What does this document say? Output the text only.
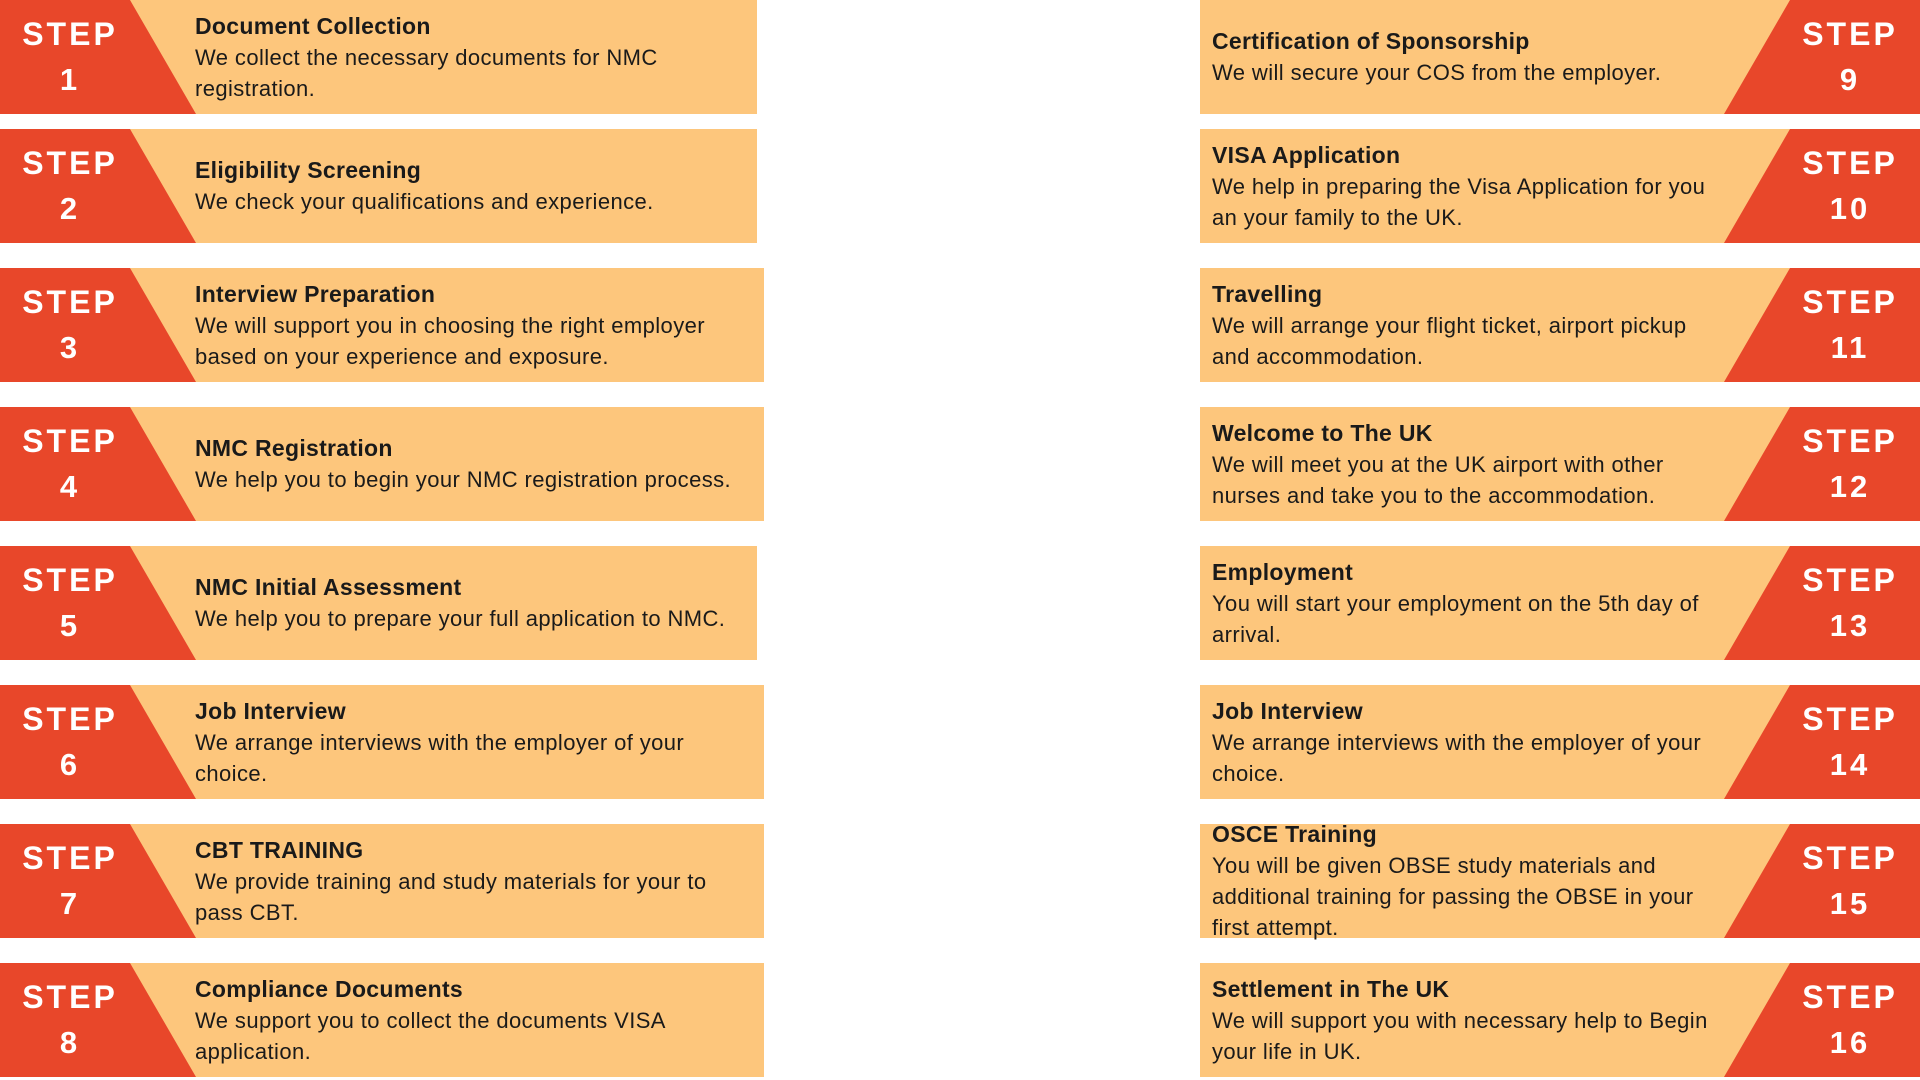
STEP
1
Document Collection
We collect the necessary documents for NMC registration.
STEP
2
Eligibility Screening
We check your qualifications and experience.
STEP
3
Interview Preparation
We will support you in choosing the right employer based on your experience and exposure.
STEP
4
NMC Registration
We help you to begin your NMC registration process.
STEP
5
NMC Initial Assessment
We help you to prepare your full application to NMC.
STEP
6
Job Interview
We arrange interviews with the employer of your choice.
STEP
7
CBT TRAINING
We provide training and study materials for your to pass CBT.
STEP
8
Compliance Documents
We support you to collect the documents VISA application.
STEP
9
Certification of Sponsorship
We will secure your COS from the employer.
STEP
10
VISA Application
We help in preparing the Visa Application for you an your family to the UK.
STEP
11
Travelling
We will arrange your flight ticket, airport pickup and accommodation.
STEP
12
Welcome to The UK
We will meet you at the UK airport with other nurses and take you to the accommodation.
STEP
13
Employment
You will start your employment on the 5th day of arrival.
STEP
14
Job Interview
We arrange interviews with the employer of your choice.
STEP
15
OSCE Training
You will be given OBSE study materials and additional training for passing the OBSE in your first attempt.
STEP
16
Settlement in The UK
We will support you with necessary help to Begin your life in UK.
